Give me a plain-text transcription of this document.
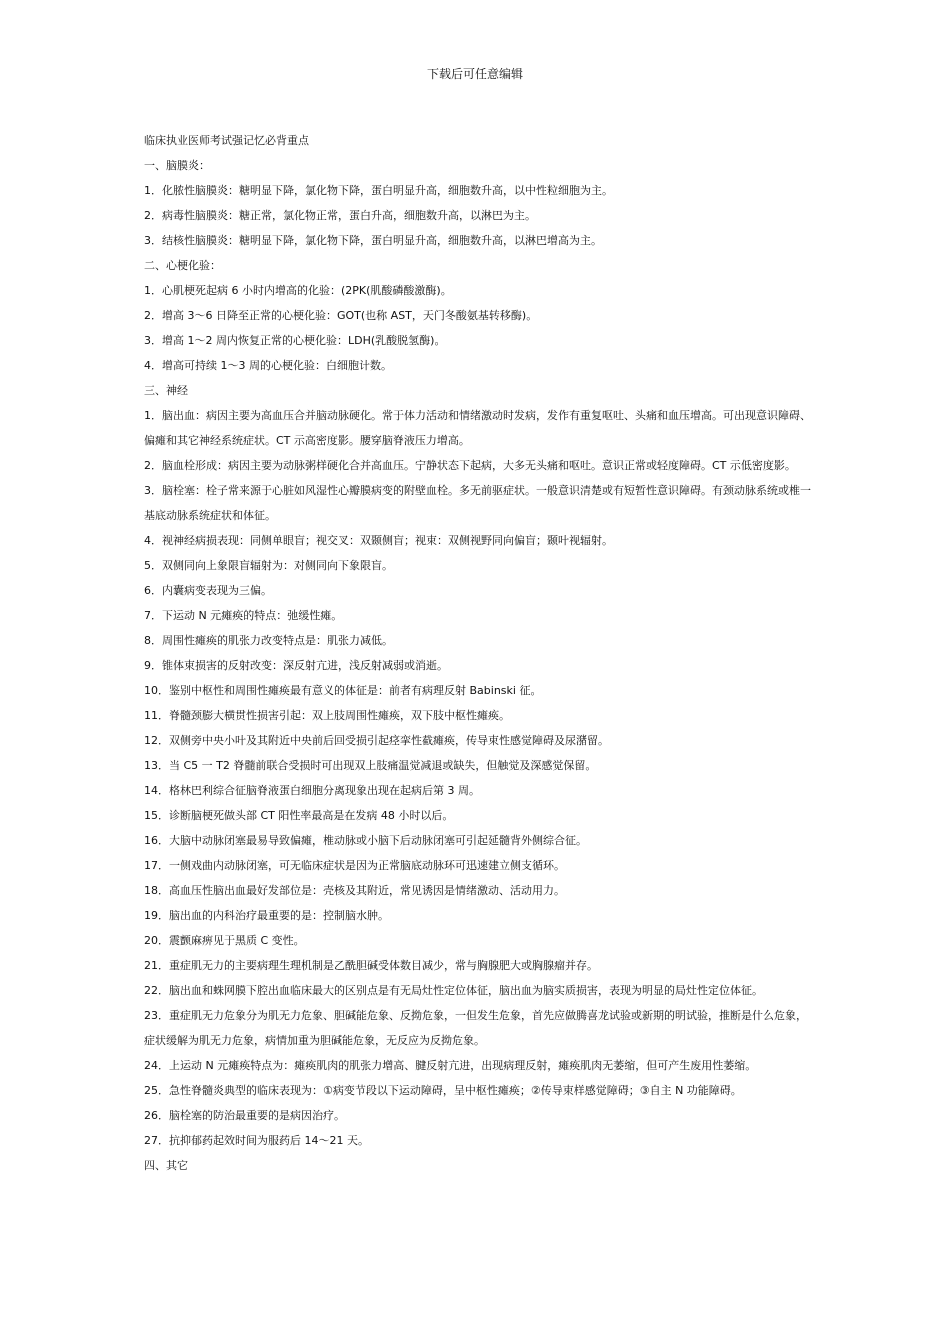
下载后可任意编辑
临床执业医师考试强记忆必背重点
一、脑膜炎：
1．化脓性脑膜炎：糖明显下降，氯化物下降，蛋白明显升高，细胞数升高，以中性粒细胞为主。
2．病毒性脑膜炎：糖正常，氯化物正常，蛋白升高，细胞数升高，以淋巴为主。
3．结核性脑膜炎：糖明显下降，氯化物下降，蛋白明显升高，细胞数升高，以淋巴增高为主。
二、心梗化验：
1．心肌梗死起病 6 小时内增高的化验：(2PK(肌酸磷酸激酶)。
2．增高 3～6 日降至正常的心梗化验：GOT(也称 AST，天门冬酸氨基转移酶)。
3．增高 1～2 周内恢复正常的心梗化验：LDH(乳酸脱氢酶)。
4．增高可持续 1～3 周的心梗化验：白细胞计数。
三、神经
1．脑出血：病因主要为高血压合并脑动脉硬化。常于体力活动和情绪激动时发病，发作有重复呕吐、头痛和血压增高。可出现意识障碍、偏瘫和其它神经系统症状。CT 示高密度影。腰穿脑脊液压力增高。
2．脑血栓形成：病因主要为动脉粥样硬化合并高血压。宁静状态下起病，大多无头痛和呕吐。意识正常或轻度障碍。CT 示低密度影。
3．脑栓塞：栓子常来源于心脏如风湿性心瓣膜病变的附壁血栓。多无前驱症状。一般意识清楚或有短暂性意识障碍。有颈动脉系统或椎一基底动脉系统症状和体征。
4．视神经病损表现：同侧单眼盲；视交叉：双颞侧盲；视束：双侧视野同向偏盲；颞叶视辐射。
5．双侧同向上象限盲辐射为：对侧同向下象限盲。
6．内囊病变表现为三偏。
7．下运动 N 元瘫痪的特点：弛缓性瘫。
8．周围性瘫痪的肌张力改变特点是：肌张力减低。
9．锥体束损害的反射改变：深反射亢进，浅反射减弱或消逝。
10．鉴别中枢性和周围性瘫痪最有意义的体征是：前者有病理反射 Babinski 征。
11．脊髓颈膨大横贯性损害引起：双上肢周围性瘫痪，双下肢中枢性瘫痪。
12．双侧旁中央小叶及其附近中央前后回受损引起痉挛性截瘫痪，传导束性感觉障碍及尿潴留。
13．当 C5 一 T2 脊髓前联合受损时可出现双上肢痛温觉减退或缺失，但触觉及深感觉保留。
14．格林巴利综合征脑脊液蛋白细胞分离现象出现在起病后第 3 周。
15．诊断脑梗死做头部 CT 阳性率最高是在发病 48 小时以后。
16．大脑中动脉闭塞最易导致偏瘫，椎动脉或小脑下后动脉闭塞可引起延髓背外侧综合征。
17．一侧戏曲内动脉闭塞，可无临床症状是因为正常脑底动脉环可迅速建立侧支循环。
18．高血压性脑出血最好发部位是：壳核及其附近，常见诱因是情绪激动、活动用力。
19．脑出血的内科治疗最重要的是：控制脑水肿。
20．震颤麻痹见于黑质 C 变性。
21．重症肌无力的主要病理生理机制是乙酰胆碱受体数目减少，常与胸腺肥大或胸腺瘤并存。
22．脑出血和蛛网膜下腔出血临床最大的区别点是有无局灶性定位体征，脑出血为脑实质损害，表现为明显的局灶性定位体征。
23．重症肌无力危象分为肌无力危象、胆碱能危象、反拗危象，一但发生危象，首先应做腾喜龙试验或新期的明试验，推断是什么危象，症状缓解为肌无力危象，病情加重为胆碱能危象，无反应为反拗危象。
24．上运动 N 元瘫痪特点为：瘫痪肌肉的肌张力增高、腱反射亢进，出现病理反射，瘫痪肌肉无萎缩，但可产生废用性萎缩。
25．急性脊髓炎典型的临床表现为：①病变节段以下运动障碍，呈中枢性瘫痪；②传导束样感觉障碍；③自主 N 功能障碍。
26．脑栓塞的防治最重要的是病因治疗。
27．抗抑郁药起效时间为服药后 14～21 天。
四、其它
